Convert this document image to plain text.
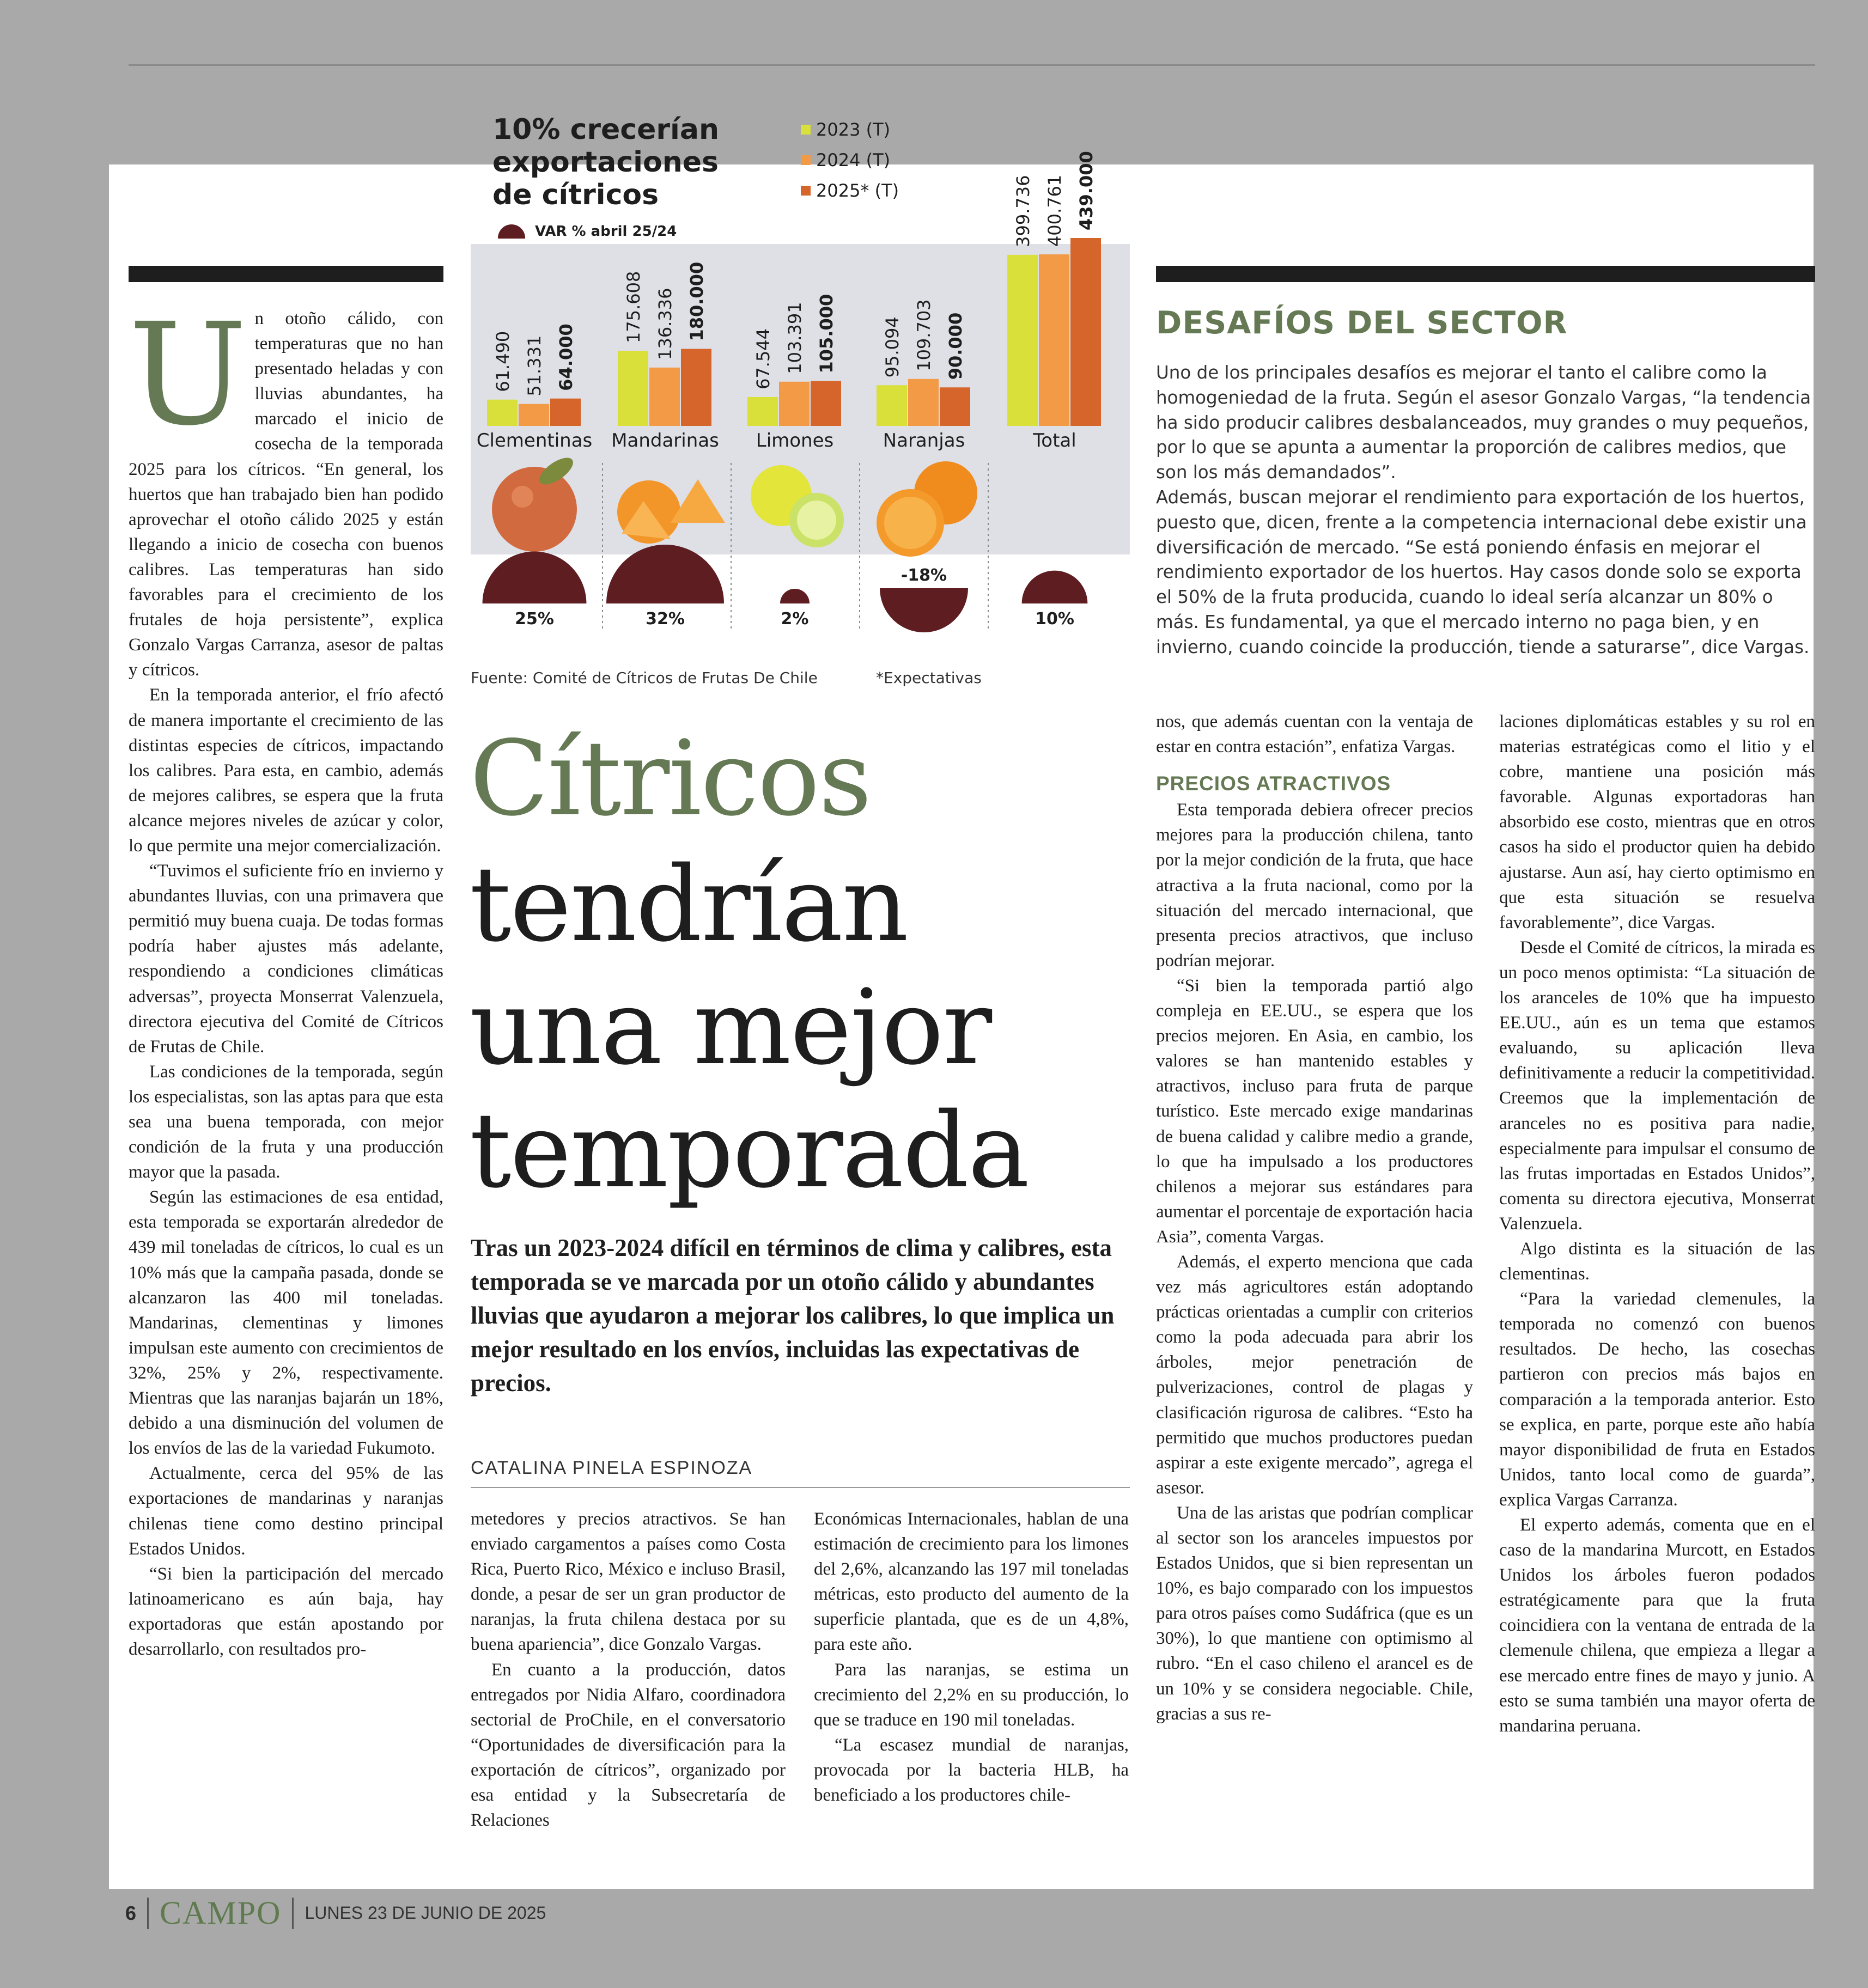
10% crecerían
exportaciones
de cítricos
2023 (T)
2024 (T)
2025* (T)
VAR % abril 25/24
61.490 51.331 64.000
Clementinas
175.608 136.336 180.000
Mandarinas
67.544 103.391 105.000
Limones
95.094 109.703 90.000
Naranjas
399.736 400.761 439.000
Total
25%	32%	2%
-18%
10%
Fuente: Comité de Cítricos de Frutas De Chile	*Expectativas
U n otoño cálido, con temperaturas que no han presentado heladas y con lluvias abundantes, ha marcado el inicio de cosecha de la temporada 2025 para los cítricos. “En general, los huertos que han trabajado bien han podido aprovechar el otoño cálido 2025 y están llegando a inicio de cosecha con buenos calibres. Las temperaturas han sido favorables para el crecimiento de los frutales de hoja persistente”, explica Gonzalo Vargas Carranza, asesor de paltas y cítricos.

En la temporada anterior, el frío afectó de manera importante el crecimiento de las distintas especies de cítricos, impactando los calibres. Para esta, en cambio, además de mejores calibres, se espera que la fruta alcance mejores niveles de azúcar y color, lo que permite una mejor comercialización.

“Tuvimos el suficiente frío en invierno y abundantes lluvias, con una primavera que permitió muy buena cuaja. De todas formas podría haber ajustes más adelante, respondiendo a condiciones climáticas adversas”, proyecta Monserrat Valenzuela, directora ejecutiva del Comité de Cítricos de Frutas de Chile.

Las condiciones de la temporada, según los especialistas, son las aptas para que esta sea una buena temporada, con mejor condición de la fruta y una producción mayor que la pasada.

Según las estimaciones de esa entidad, esta temporada se exportarán alrededor de 439 mil toneladas de cítricos, lo cual es un 10% más que la campaña pasada, donde se alcanzaron las 400 mil toneladas. Mandarinas, clementinas y limones impulsan este aumento con crecimientos de 32%, 25% y 2%, respectivamente. Mientras que las naranjas bajarán un 18%, debido a una disminución del volumen de los envíos de las de la variedad Fukumoto.

Actualmente, cerca del 95% de las exportaciones de mandarinas y naranjas chilenas tiene como destino principal Estados Unidos.

“Si bien la participación del mercado latinoamericano es aún baja, hay exportadoras que están apostando por desarrollarlo, con resultados pro-

Cítricos
tendrían
una mejor
temporada
Tras un 2023-2024 difícil en términos de clima y calibres, esta temporada se ve marcada por un otoño cálido y abundantes lluvias que ayudaron a mejorar los calibres, lo que implica un mejor resultado en los envíos, incluidas las expectativas de precios.
CATALINA PINELA ESPINOZA

metedores y precios atractivos. Se han enviado cargamentos a países como Costa Rica, Puerto Rico, México e incluso Brasil, donde, a pesar de ser un gran productor de naranjas, la fruta chilena destaca por su buena apariencia”, dice Gonzalo Vargas.

En cuanto a la producción, datos entregados por Nidia Alfaro, coordinadora sectorial de ProChile, en el conversatorio “Oportunidades de diversificación para la exportación de cítricos”, organizado por esa entidad y la Subsecretaría de Relaciones

Económicas Internacionales, hablan de una estimación de crecimiento para los limones del 2,6%, alcanzando las 197 mil toneladas métricas, esto producto del aumento de la superficie plantada, que es de un 4,8%, para este año.

Para las naranjas, se estima un crecimiento del 2,2% en su producción, lo que se traduce en 190 mil toneladas.

“La escasez mundial de naranjas, provocada por la bacteria HLB, ha beneficiado a los productores chile-

DESAFÍOS DEL SECTOR

Uno de los principales desafíos es mejorar el tanto el calibre como la homogeniedad de la fruta. Según el asesor Gonzalo Vargas, “la tendencia ha sido producir calibres desbalanceados, muy grandes o muy pequeños, por lo que se apunta a aumentar la proporción de calibres medios, que son los más demandados”.

Además, buscan mejorar el rendimiento para exportación de los huertos, puesto que, dicen, frente a la competencia internacional debe existir una diversificación de mercado. “Se está poniendo énfasis en mejorar el rendimiento exportador de los huertos. Hay casos donde solo se exporta el 50% de la fruta producida, cuando lo ideal sería alcanzar un 80% o más. Es fundamental, ya que el mercado interno no paga bien, y en invierno, cuando coincide la producción, tiende a saturarse”, dice Vargas.

nos, que además cuentan con la ventaja de estar en contra estación”, enfatiza Vargas.

PRECIOS ATRACTIVOS

Esta temporada debiera ofrecer precios mejores para la producción chilena, tanto por la mejor condición de la fruta, que hace atractiva a la fruta nacional, como por la situación del mercado internacional, que presenta precios atractivos, que incluso podrían mejorar.

“Si bien la temporada partió algo compleja en EE.UU., se espera que los precios mejoren. En Asia, en cambio, los valores se han mantenido estables y atractivos, incluso para fruta de parque turístico. Este mercado exige mandarinas de buena calidad y calibre medio a grande, lo que ha impulsado a los productores chilenos a mejorar sus estándares para aumentar el porcentaje de exportación hacia Asia”, comenta Vargas.

Además, el experto menciona que cada vez más agricultores están adoptando prácticas orientadas a cumplir con criterios como la poda adecuada para abrir los árboles, mejor penetración de pulverizaciones, control de plagas y clasificación rigurosa de calibres. “Esto ha permitido que muchos productores puedan aspirar a este exigente mercado”, agrega el asesor.

Una de las aristas que podrían complicar al sector son los aranceles impuestos por Estados Unidos, que si bien representan un 10%, es bajo comparado con los impuestos para otros países como Sudáfrica (que es un 30%), lo que mantiene con optimismo al rubro. “En el caso chileno el arancel es de un 10% y se considera negociable. Chile, gracias a sus re-

laciones diplomáticas estables y su rol en materias estratégicas como el litio y el cobre, mantiene una posición más favorable. Algunas exportadoras han absorbido ese costo, mientras que en otros casos ha sido el productor quien ha debido ajustarse. Aun así, hay cierto optimismo en que esta situación se resuelva favorablemente”, dice Vargas.

Desde el Comité de cítricos, la mirada es un poco menos optimista: “La situación de los aranceles de 10% que ha impuesto EE.UU., aún es un tema que estamos evaluando, su aplicación lleva definitivamente a reducir la competitividad. Creemos que la implementación de aranceles no es positiva para nadie, especialmente para impulsar el consumo de las frutas importadas en Estados Unidos”, comenta su directora ejecutiva, Monserrat Valenzuela.

Algo distinta es la situación de las clementinas.

“Para la variedad clemenules, la temporada no comenzó con buenos resultados. De hecho, las cosechas partieron con precios más bajos en comparación a la temporada anterior. Esto se explica, en parte, porque este año había mayor disponibilidad de fruta en Estados Unidos, tanto local como de guarda”, explica Vargas Carranza.

El experto además, comenta que en el caso de la mandarina Murcott, en Estados Unidos los árboles fueron podados estratégicamente para que la fruta coincidiera con la ventana de entrada de la clemenule chilena, que empieza a llegar a ese mercado entre fines de mayo y junio. A esto se suma también una mayor oferta de mandarina peruana.

6 CAMPO LUNES 23 DE JUNIO DE 2025
